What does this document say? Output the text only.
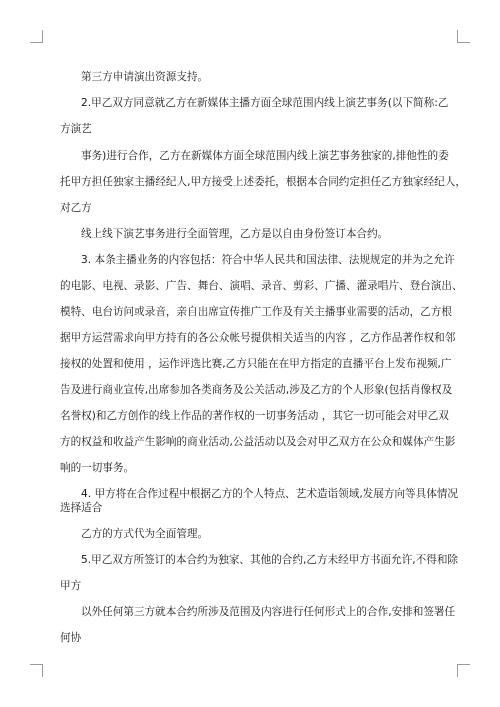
第三方申请演出资源支持。
2.甲乙双方同意就乙方在新媒体主播方面全球范围内线上演艺事务(以下简称:乙
方演艺
事务)进行合作，乙方在新媒体方面全球范围内线上演艺事务独家的,排他性的委
托甲方担任独家主播经纪人,甲方接受上述委托，根据本合同约定担任乙方独家经纪人，
对乙方
线上线下演艺事务进行全面管理，乙方是以自由身份签订本合约。
3. 本条主播业务的内容包括：符合中华人民共和国法律、法规规定的并为之允许
的电影、电视、录影、广告、舞台、演唱、录音、剪彩、广播、灌录唱片、登台演出、
模特、电台访问或录音，亲自出席宣传推广工作及有关主播事业需要的活动，乙方根
据甲方运营需求向甲方持有的各公众帐号提供相关适当的内容 ，乙方作品著作权和邻
接权的处置和使用 ，运作评选比赛,乙方只能在在甲方指定的直播平台上发布视频,广
告及进行商业宣传,出席参加各类商务及公关活动,涉及乙方的个人形象(包括肖像权及
名誉权)和乙方创作的线上作品的著作权的一切事务活动 ，其它一切可能会对甲乙双
方的权益和收益产生影响的商业活动,公益活动以及会对甲乙双方在公众和媒体产生影
响的一切事务。
4. 甲方将在合作过程中根据乙方的个人特点、艺术造诣领域,发展方向等具体情况
选择适合
乙方的方式代为全面管理。
5.甲乙双方所签订的本合约为独家、其他的合约,乙方未经甲方书面允许,不得和除
甲方
以外任何第三方就本合约所涉及范围及内容进行任何形式上的合作,安排和签署任
何协
